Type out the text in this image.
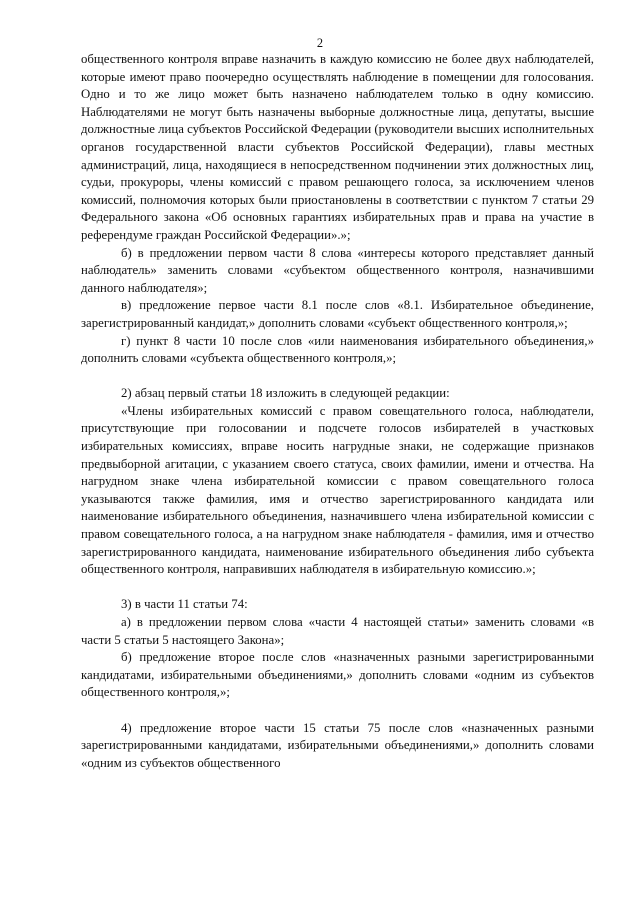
2

общественного контроля вправе назначить в каждую комиссию не более двух наблюдателей, которые имеют право поочередно осуществлять наблюдение в помещении для голосования. Одно и то же лицо может быть назначено наблюдателем только в одну комиссию. Наблюдателями не могут быть назначены выборные должностные лица, депутаты, высшие должностные лица субъектов Российской Федерации (руководители высших исполнительных органов государственной власти субъектов Российской Федерации), главы местных администраций, лица, находящиеся в непосредственном подчинении этих должностных лиц, судьи, прокуроры, члены комиссий с правом решающего голоса, за исключением членов комиссий, полномочия которых были приостановлены в соответствии с пунктом 7 статьи 29 Федерального закона «Об основных гарантиях избирательных прав и права на участие в референдуме граждан Российской Федерации».»;

б) в предложении первом части 8 слова «интересы которого представляет данный наблюдатель» заменить словами «субъектом общественного контроля, назначившими данного наблюдателя»;

в) предложение первое части 8.1 после слов «8.1. Избирательное объединение, зарегистрированный кандидат,» дополнить словами «субъект общественного контроля,»;

г) пункт 8 части 10 после слов «или наименования избирательного объединения,» дополнить словами «субъекта общественного контроля,»;

2) абзац первый статьи 18 изложить в следующей редакции:

«Члены избирательных комиссий с правом совещательного голоса, наблюдатели, присутствующие при голосовании и подсчете голосов избирателей в участковых избирательных комиссиях, вправе носить нагрудные знаки, не содержащие признаков предвыборной агитации, с указанием своего статуса, своих фамилии, имени и отчества. На нагрудном знаке члена избирательной комиссии с правом совещательного голоса указываются также фамилия, имя и отчество зарегистрированного кандидата или наименование избирательного объединения, назначившего члена избирательной комиссии с правом совещательного голоса, а на нагрудном знаке наблюдателя - фамилия, имя и отчество зарегистрированного кандидата, наименование избирательного объединения либо субъекта общественного контроля, направивших наблюдателя в избирательную комиссию.»;

3) в части 11 статьи 74:

а) в предложении первом слова «части 4 настоящей статьи» заменить словами «в части 5 статьи 5 настоящего Закона»;

б) предложение второе после слов «назначенных разными зарегистрированными кандидатами, избирательными объединениями,» дополнить словами «одним из субъектов общественного контроля,»;

4) предложение второе части 15 статьи 75 после слов «назначенных разными зарегистрированными кандидатами, избирательными объединениями,» дополнить словами «одним из субъектов общественного
